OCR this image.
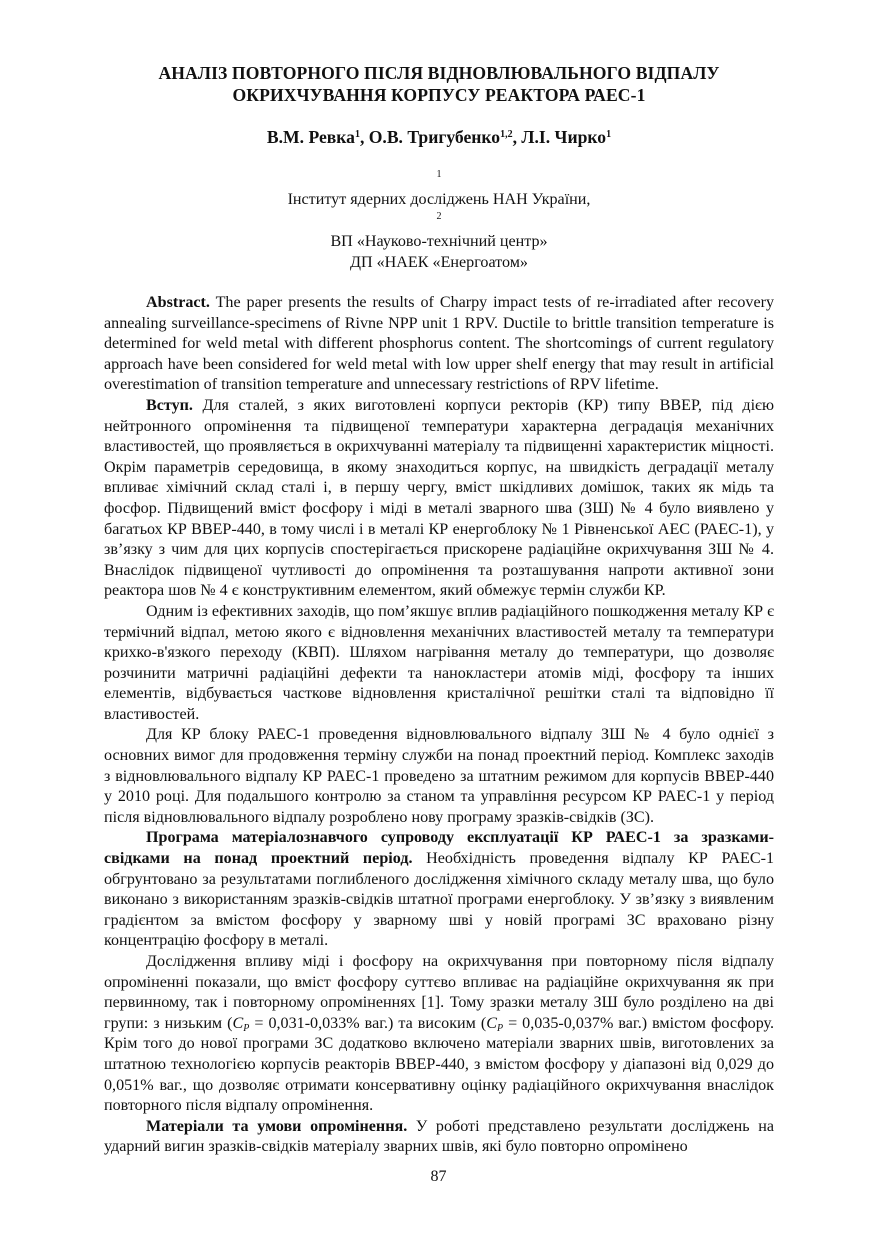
АНАЛІЗ ПОВТОРНОГО ПІСЛЯ ВІДНОВЛЮВАЛЬНОГО ВІДПАЛУ
ОКРИХЧУВАННЯ КОРПУСУ РЕАКТОРА РАЕС-1
В.М. Ревка$^1$, О.В. Тригубенко$^{1,2}$, Л.І. Чирко$^1$
$^1$
Інститут ядерних досліджень НАН України,
$^2$
ВП «Науково-технічний центр»
ДП «НАЕК «Енергоатом»

Abstract. The paper presents the results of Charpy impact tests of re-irradiated after recovery annealing surveillance-specimens of Rivne NPP unit 1 RPV. Ductile to brittle transition temperature is determined for weld metal with different phosphorus content. The shortcomings of current regulatory approach have been considered for weld metal with low upper shelf energy that may result in artificial overestimation of transition temperature and unnecessary restrictions of RPV lifetime.

Вступ. Для сталей, з яких виготовлені корпуси ректорів (КР) типу ВВЕР, під дією нейтронного опромінення та підвищеної температури характерна деградація механічних властивостей, що проявляється в окрихчуванні матеріалу та підвищенні характеристик міцності. Окрім параметрів середовища, в якому знаходиться корпус, на швидкість деградації металу впливає хімічний склад сталі і, в першу чергу, вміст шкідливих домішок, таких як мідь та фосфор. Підвищений вміст фосфору і міді в металі зварного шва (ЗШ) № 4 було виявлено у багатьох КР ВВЕР-440, в тому числі і в металі КР енергоблоку № 1 Рівненської АЕС (РАЕС-1), у зв’язку з чим для цих корпусів спостерігається прискорене радіаційне окрихчування ЗШ № 4. Внаслідок підвищеної чутливості до опромінення та розташування напроти активної зони реактора шов № 4 є конструктивним елементом, який обмежує термін служби КР.

Одним із ефективних заходів, що пом’якшує вплив радіаційного пошкодження металу КР є термічний відпал, метою якого є відновлення механічних властивостей металу та температури крихко-в'язкого переходу (КВП). Шляхом нагрівання металу до температури, що дозволяє розчинити матричні радіаційні дефекти та нанокластери атомів міді, фосфору та інших елементів, відбувається часткове відновлення кристалічної решітки сталі та відповідно її властивостей.

Для КР блоку РАЕС-1 проведення відновлювального відпалу ЗШ № 4 було однієї з основних вимог для продовження терміну служби на понад проектний період. Комплекс заходів з відновлювального відпалу КР РАЕС-1 проведено за штатним режимом для корпусів ВВЕР-440 у 2010 році. Для подальшого контролю за станом та управління ресурсом КР РАЕС-1 у період після відновлювального відпалу розроблено нову програму зразків-свідків (ЗС).

Програма матеріалознавчого супроводу експлуатації КР РАЕС-1 за зразками-свідками на понад проектний період. Необхідність проведення відпалу КР РАЕС-1 обгрунтовано за результатами поглибленого дослідження хімічного складу металу шва, що було виконано з використанням зразків-свідків штатної програми енергоблоку. У зв’язку з виявленим градієнтом за вмістом фосфору у зварному шві у новій програмі ЗС враховано різну концентрацію фосфору в металі.

Дослідження впливу міді і фосфору на окрихчування при повторному після відпалу опроміненні показали, що вміст фосфору суттєво впливає на радіаційне окрихчування як при первинному, так і повторному опроміненнях [1]. Тому зразки металу ЗШ було розділено на дві групи: з низьким ($C_P = 0,031-0,033\%$ ваг.) та високим ($C_P = 0,035-0,037\%$ ваг.) вмістом фосфору. Крім того до нової програми ЗС додатково включено матеріали зварних швів, виготовлених за штатною технологією корпусів реакторів ВВЕР-440, з вмістом фосфору у діапазоні від 0,029 до 0,051% ваг., що дозволяє отримати консервативну оцінку радіаційного окрихчування внаслідок повторного після відпалу опромінення.

Матеріали та умови опромінення. У роботі представлено результати досліджень на ударний вигин зразків-свідків матеріалу зварних швів, які було повторно опромінено

87
